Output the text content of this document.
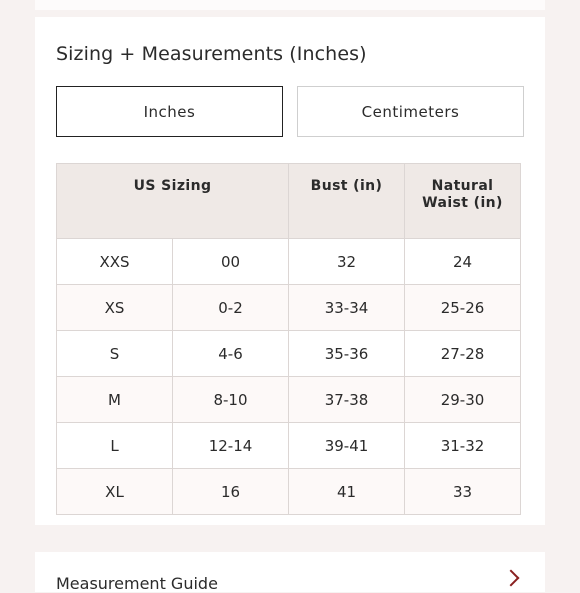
Sizing + Measurements (Inches)
Inches	Centimeters
US Sizing		Bust (in)	Natural Waist (in)
XXS	00	32	24
XS	0-2	33-34	25-26
S	4-6	35-36	27-28
M	8-10	37-38	29-30
L	12-14	39-41	31-32
XL	16	41	33
Measurement Guide
